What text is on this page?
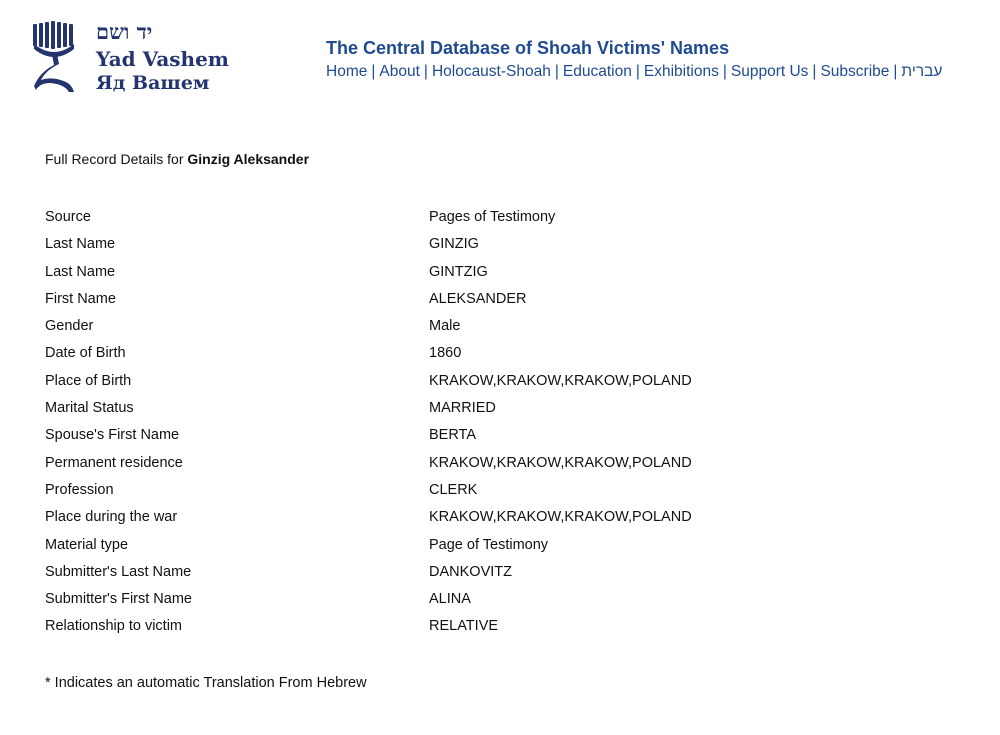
יד ושם
Yad Vashem
Яд Вашем
The Central Database of Shoah Victims' Names
Home | About | Holocaust-Shoah | Education | Exhibitions | Support Us | Subscribe | עברית
Full Record Details for Ginzig Aleksander
Source	Pages of Testimony
Last Name	GINZIG
Last Name	GINTZIG
First Name	ALEKSANDER
Gender	Male
Date of Birth	1860
Place of Birth	KRAKOW,KRAKOW,KRAKOW,POLAND
Marital Status	MARRIED
Spouse's First Name	BERTA
Permanent residence	KRAKOW,KRAKOW,KRAKOW,POLAND
Profession	CLERK
Place during the war	KRAKOW,KRAKOW,KRAKOW,POLAND
Material type	Page of Testimony
Submitter's Last Name	DANKOVITZ
Submitter's First Name	ALINA
Relationship to victim	RELATIVE
* Indicates an automatic Translation From Hebrew
